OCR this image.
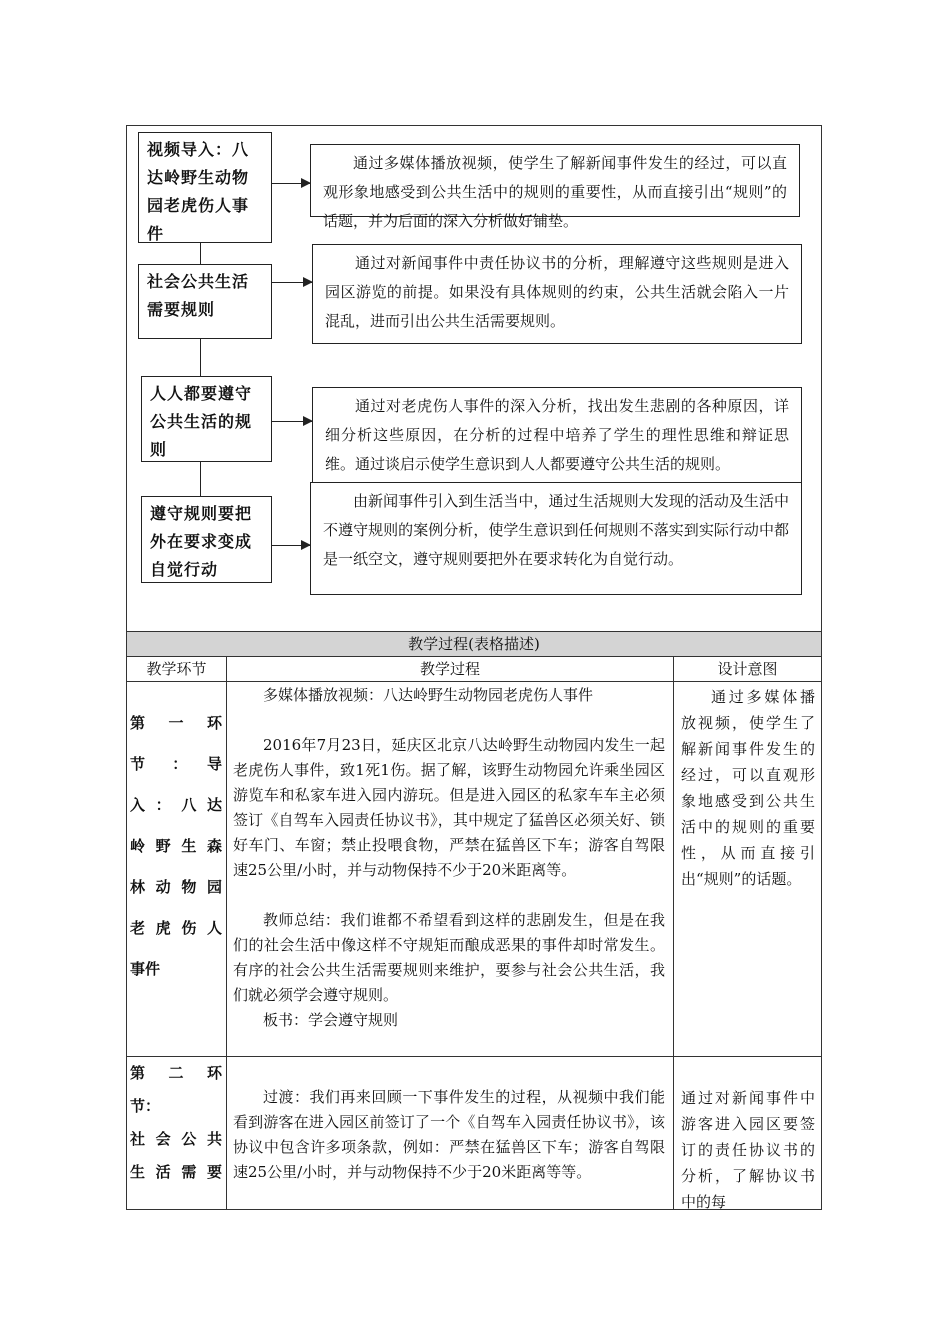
教学过程(表格描述)
视频导入：八达岭野生动物园老虎伤人事件
社会公共生活需要规则
人人都要遵守公共生活的规则
遵守规则要把外在要求变成自觉行动
通过多媒体播放视频，使学生了解新闻事件发生的经过，可以直观形象地感受到公共生活中的规则的重要性，从而直接引出“规则”的话题，并为后面的深入分析做好铺垫。
通过对新闻事件中责任协议书的分析，理解遵守这些规则是进入园区游览的前提。如果没有具体规则的约束，公共生活就会陷入一片混乱，进而引出公共生活需要规则。
通过对老虎伤人事件的深入分析，找出发生悲剧的各种原因，详细分析这些原因，在分析的过程中培养了学生的理性思维和辩证思维。通过谈启示使学生意识到人人都要遵守公共生活的规则。
由新闻事件引入到生活当中，通过生活规则大发现的活动及生活中不遵守规则的案例分析，使学生意识到任何规则不落实到实际行动中都是一纸空文，遵守规则要把外在要求转化为自觉行动。
教学环节	教学过程	设计意图
第　一　环
节　：　导
入：八达
岭野生森
林动物园
老虎伤人
事件

多媒体播放视频：八达岭野生动物园老虎伤人事件

2016年7月23日，延庆区北京八达岭野生动物园内发生一起老虎伤人事件，致1死1伤。据了解，该野生动物园允许乘坐园区游览车和私家车进入园内游玩。但是进入园区的私家车车主必须签订《自驾车入园责任协议书》，其中规定了猛兽区必须关好、锁好车门、车窗；禁止投喂食物，严禁在猛兽区下车；游客自驾限速25公里/小时，并与动物保持不少于20米距离等。

教师总结：我们谁都不希望看到这样的悲剧发生，但是在我们的社会生活中像这样不守规矩而酿成恶果的事件却时常发生。有序的社会公共生活需要规则来维护，要参与社会公共生活，我们就必须学会遵守规则。

板书：学会遵守规则

通过多媒体播放视频，使学生了解新闻事件发生的经过，可以直观形象地感受到公共生活中的规则的重要性，从而直接引出“规则”的话题。
第　二　环
节：
社会公共
生活需要

过渡：我们再来回顾一下事件发生的过程，从视频中我们能看到游客在进入园区前签订了一个《自驾车入园责任协议书》，该协议中包含许多项条款，例如：严禁在猛兽区下车；游客自驾限速25公里/小时，并与动物保持不少于20米距离等等。

通过对新闻事件中游客进入园区要签订的责任协议书的分析，了解协议书中的每
